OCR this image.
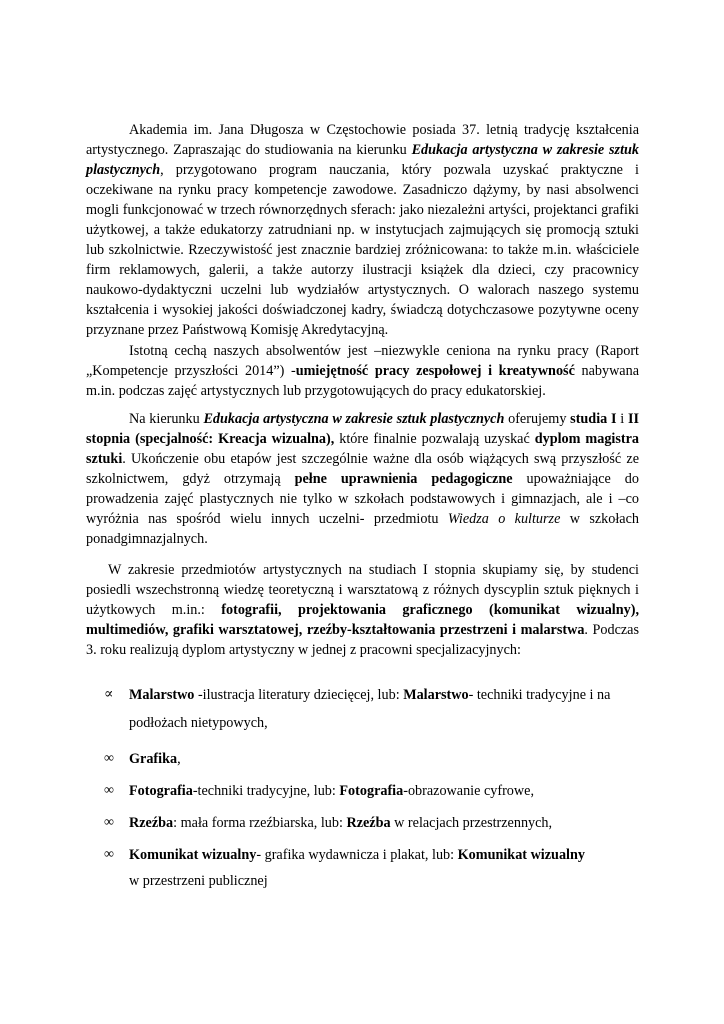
Akademia im. Jana Długosza w Częstochowie posiada 37. letnią tradycję kształcenia artystycznego. Zapraszając do studiowania na kierunku Edukacja artystyczna w zakresie sztuk plastycznych, przygotowano program nauczania, który pozwala uzyskać praktyczne i oczekiwane na rynku pracy kompetencje zawodowe. Zasadniczo dążymy, by nasi absolwenci mogli funkcjonować w trzech równorzędnych sferach: jako niezależni artyści, projektanci grafiki użytkowej, a także edukatorzy zatrudniani np. w instytucjach zajmujących się promocją sztuki lub szkolnictwie. Rzeczywistość jest znacznie bardziej zróżnicowana: to także m.in. właściciele firm reklamowych, galerii, a także autorzy ilustracji książek dla dzieci, czy pracownicy naukowo-dydaktyczni uczelni lub wydziałów artystycznych. O walorach naszego systemu kształcenia i wysokiej jakości doświadczonej kadry, świadczą dotychczasowe pozytywne oceny przyznane przez Państwową Komisję Akredytacyjną.

Istotną cechą naszych absolwentów jest –niezwykle ceniona na rynku pracy (Raport „Kompetencje przyszłości 2014”) -umiejętność pracy zespołowej i kreatywność nabywana m.in. podczas zajęć artystycznych lub przygotowujących do pracy edukatorskiej.

Na kierunku Edukacja artystyczna w zakresie sztuk plastycznych oferujemy studia I i II stopnia (specjalność: Kreacja wizualna), które finalnie pozwalają uzyskać dyplom magistra sztuki. Ukończenie obu etapów jest szczególnie ważne dla osób wiążących swą przyszłość ze szkolnictwem, gdyż otrzymają pełne uprawnienia pedagogiczne upoważniające do prowadzenia zajęć plastycznych nie tylko w szkołach podstawowych i gimnazjach, ale i –co wyróżnia nas spośród wielu innych uczelni- przedmiotu Wiedza o kulturze w szkołach ponadgimnazjalnych.

W zakresie przedmiotów artystycznych na studiach I stopnia skupiamy się, by studenci posiedli wszechstronną wiedzę teoretyczną i warsztatową z różnych dyscyplin sztuk pięknych i użytkowych m.in.: fotografii, projektowania graficznego (komunikat wizualny), multimediów, grafiki warsztatowej, rzeźby-kształtowania przestrzeni i malarstwa. Podczas 3. roku realizują dyplom artystyczny w jednej z pracowni specjalizacyjnych:

∝	Malarstwo -ilustracja literatury dziecięcej, lub: Malarstwo- techniki tradycyjne i na
podłożach nietypowych,
∞	Grafika,
∞	Fotografia-techniki tradycyjne, lub: Fotografia-obrazowanie cyfrowe,
∞	Rzeźba: mała forma rzeźbiarska, lub: Rzeźba w relacjach przestrzennych,
∞	Komunikat wizualny- grafika wydawnicza i plakat, lub: Komunikat wizualny
w przestrzeni publicznej
